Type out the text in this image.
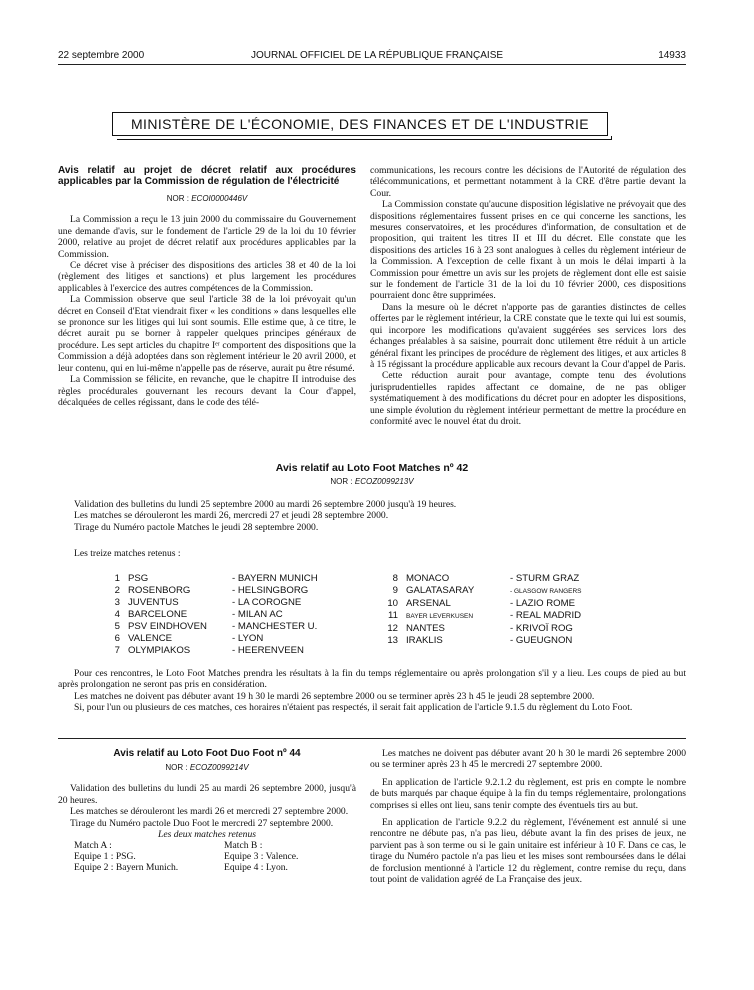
22 septembre 2000	JOURNAL OFFICIEL DE LA RÉPUBLIQUE FRANÇAISE	14933
MINISTÈRE DE L'ÉCONOMIE, DES FINANCES ET DE L'INDUSTRIE

Avis relatif au projet de décret relatif aux procédures applicables par la Commission de régulation de l'électricité

NOR : ECOI0000446V

La Commission a reçu le 13 juin 2000 du commissaire du Gouvernement une demande d'avis, sur le fondement de l'article 29 de la loi du 10 février 2000, relative au projet de décret relatif aux procédures applicables par la Commission.

Ce décret vise à préciser des dispositions des articles 38 et 40 de la loi (règlement des litiges et sanctions) et plus largement les procédures applicables à l'exercice des autres compétences de la Commission.

La Commission observe que seul l'article 38 de la loi prévoyait qu'un décret en Conseil d'Etat viendrait fixer « les conditions » dans lesquelles elle se prononce sur les litiges qui lui sont soumis. Elle estime que, à ce titre, le décret aurait pu se borner à rappeler quelques principes généraux de procédure. Les sept articles du chapitre Iᵉʳ comportent des dispositions que la Commission a déjà adoptées dans son règlement intérieur le 20 avril 2000, et leur contenu, qui en lui-même n'appelle pas de réserve, aurait pu être résumé.

La Commission se félicite, en revanche, que le chapitre II introduise des règles procédurales gouvernant les recours devant la Cour d'appel, décalquées de celles régissant, dans le code des télé-

communications, les recours contre les décisions de l'Autorité de régulation des télécommunications, et permettant notamment à la CRE d'être partie devant la Cour.

La Commission constate qu'aucune disposition législative ne prévoyait que des dispositions réglementaires fussent prises en ce qui concerne les sanctions, les mesures conservatoires, et les procédures d'information, de consultation et de proposition, qui traitent les titres II et III du décret. Elle constate que les dispositions des articles 16 à 23 sont analogues à celles du règlement intérieur de la Commission. A l'exception de celle fixant à un mois le délai imparti à la Commission pour émettre un avis sur les projets de règlement dont elle est saisie sur le fondement de l'article 31 de la loi du 10 février 2000, ces dispositions pourraient donc être supprimées.

Dans la mesure où le décret n'apporte pas de garanties distinctes de celles offertes par le règlement intérieur, la CRE constate que le texte qui lui est soumis, qui incorpore les modifications qu'avaient suggérées ses services lors des échanges préalables à sa saisine, pourrait donc utilement être réduit à un article général fixant les principes de procédure de règlement des litiges, et aux articles 8 à 15 régissant la procédure applicable aux recours devant la Cour d'appel de Paris.

Cette réduction aurait pour avantage, compte tenu des évolutions jurisprudentielles rapides affectant ce domaine, de ne pas obliger systématiquement à des modifications du décret pour en adopter les dispositions, une simple évolution du règlement intérieur permettant de mettre la procédure en conformité avec le nouvel état du droit.

Avis relatif au Loto Foot Matches nº 42
NOR : ECOZ0099213V

Validation des bulletins du lundi 25 septembre 2000 au mardi 26 septembre 2000 jusqu'à 19 heures.

Les matches se dérouleront les mardi 26, mercredi 27 et jeudi 28 septembre 2000.

Tirage du Numéro pactole Matches le jeudi 28 septembre 2000.

Les treize matches retenus :

1 PSG	- BAYERN MUNICH
2 ROSENBORG	- HELSINGBORG
3 JUVENTUS	- LA COROGNE
4 BARCELONE	- MILAN AC
5 PSV EINDHOVEN	- MANCHESTER U.
6 VALENCE	- LYON
7 OLYMPIAKOS	- HEERENVEEN
8 MONACO	- STURM GRAZ
9 GALATASARAY	- GLASGOW RANGERS
10 ARSENAL	- LAZIO ROME
11 BAYER LEVERKUSEN	- REAL MADRID
12 NANTES	- KRIVOÏ ROG
13 IRAKLIS	- GUEUGNON

Pour ces rencontres, le Loto Foot Matches prendra les résultats à la fin du temps réglementaire ou après prolongation s'il y a lieu. Les coups de pied au but après prolongation ne seront pas pris en considération.

Les matches ne doivent pas débuter avant 19 h 30 le mardi 26 septembre 2000 ou se terminer après 23 h 45 le jeudi 28 septembre 2000.

Si, pour l'un ou plusieurs de ces matches, ces horaires n'étaient pas respectés, il serait fait application de l'article 9.1.5 du règlement du Loto Foot.

Avis relatif au Loto Foot Duo Foot nº 44

NOR : ECOZ0099214V

Validation des bulletins du lundi 25 au mardi 26 septembre 2000, jusqu'à 20 heures.

Les matches se dérouleront les mardi 26 et mercredi 27 septembre 2000.

Tirage du Numéro pactole Duo Foot le mercredi 27 septembre 2000.

Les deux matches retenus

Match A :	Match B :
Equipe 1 : PSG.	Equipe 3 : Valence.
Equipe 2 : Bayern Munich.	Equipe 4 : Lyon.

Les matches ne doivent pas débuter avant 20 h 30 le mardi 26 septembre 2000 ou se terminer après 23 h 45 le mercredi 27 septembre 2000.

En application de l'article 9.2.1.2 du règlement, est pris en compte le nombre de buts marqués par chaque équipe à la fin du temps réglementaire, prolongations comprises si elles ont lieu, sans tenir compte des éventuels tirs au but.

En application de l'article 9.2.2 du règlement, l'événement est annulé si une rencontre ne débute pas, n'a pas lieu, débute avant la fin des prises de jeux, ne parvient pas à son terme ou si le gain unitaire est inférieur à 10 F. Dans ce cas, le tirage du Numéro pactole n'a pas lieu et les mises sont remboursées dans le délai de forclusion mentionné à l'article 12 du règlement, contre remise du reçu, dans tout point de validation agréé de La Française des jeux.
